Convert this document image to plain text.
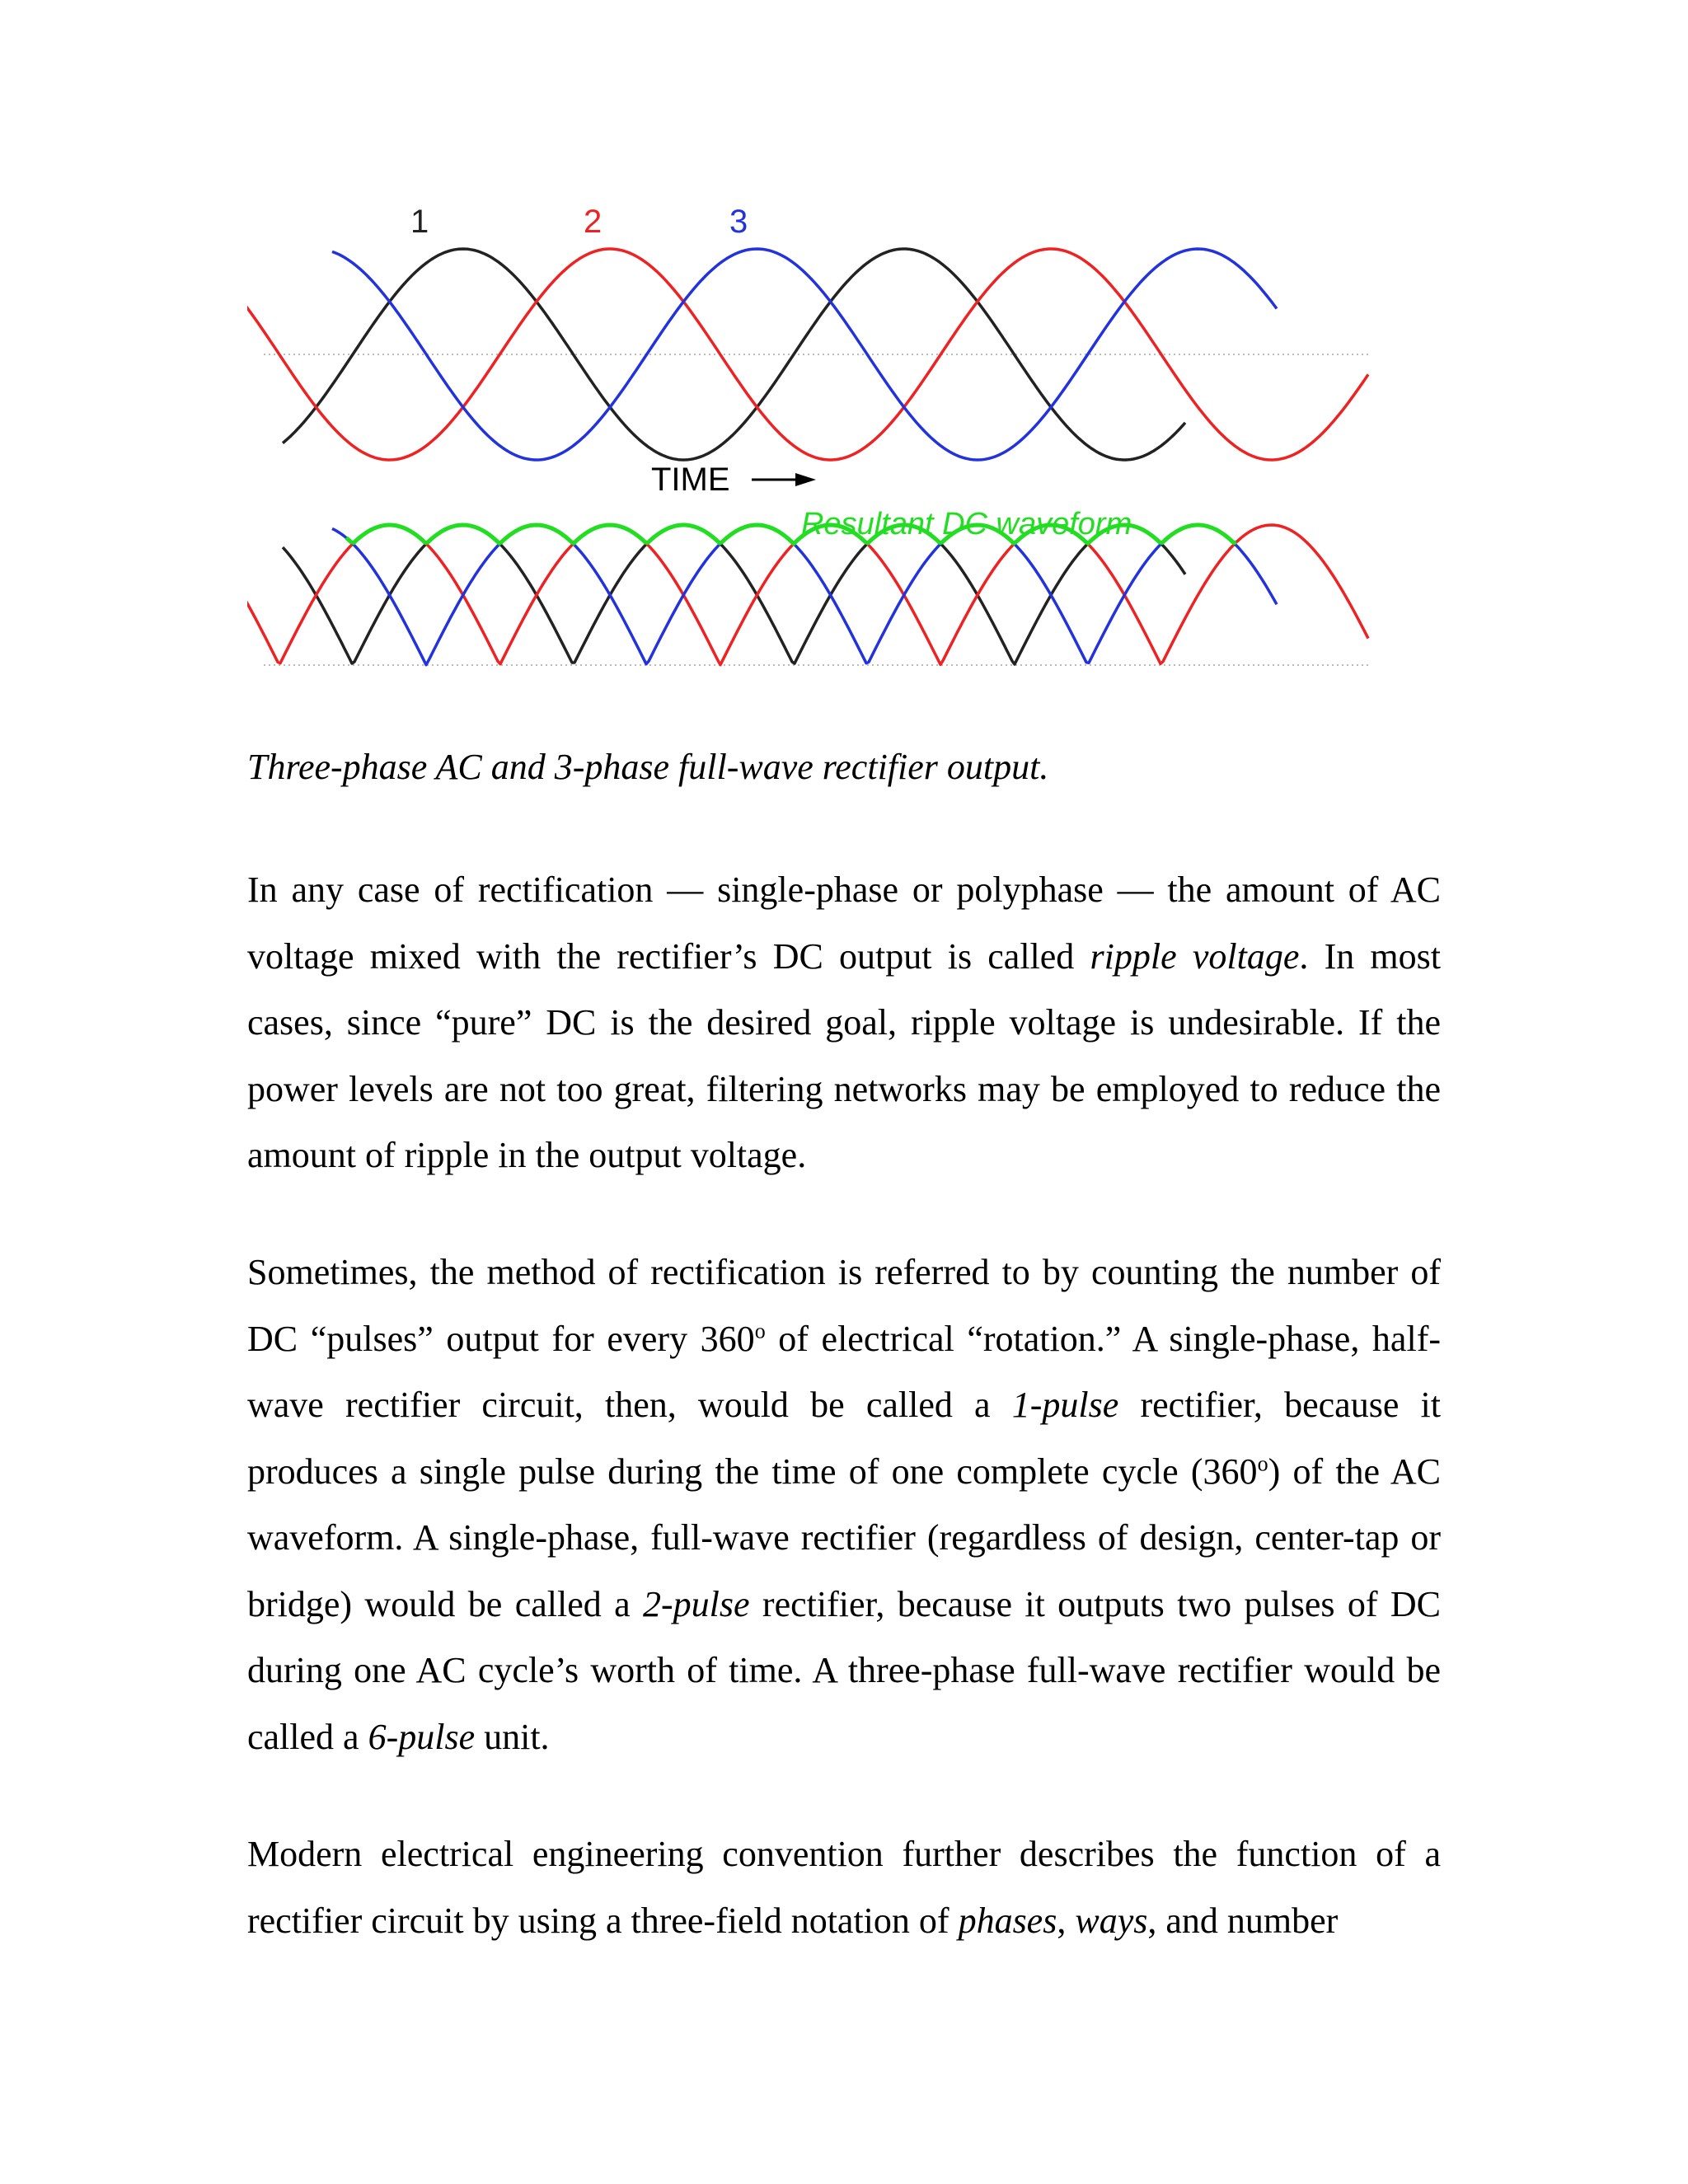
1	2	3
TIME
Resultant DC waveform

Three-phase AC and 3-phase full-wave rectifier output.

In any case of rectification — single-phase or polyphase — the amount of AC voltage mixed with the rectifier’s DC output is called ripple voltage. In most cases, since “pure” DC is the desired goal, ripple voltage is undesirable. If the power levels are not too great, filtering networks may be employed to reduce the amount of ripple in the output voltage.

Sometimes, the method of rectification is referred to by counting the number of DC “pulses” output for every 360$^o$ of electrical “rotation.” A single-phase, half-wave rectifier circuit, then, would be called a 1-pulse rectifier, because it produces a single pulse during the time of one complete cycle (360$^o$) of the AC waveform. A single-phase, full-wave rectifier (regardless of design, center-tap or bridge) would be called a 2-pulse rectifier, because it outputs two pulses of DC during one AC cycle’s worth of time. A three-phase full-wave rectifier would be called a 6-pulse unit.

Modern electrical engineering convention further describes the function of a rectifier circuit by using a three-field notation of phases, ways, and number
